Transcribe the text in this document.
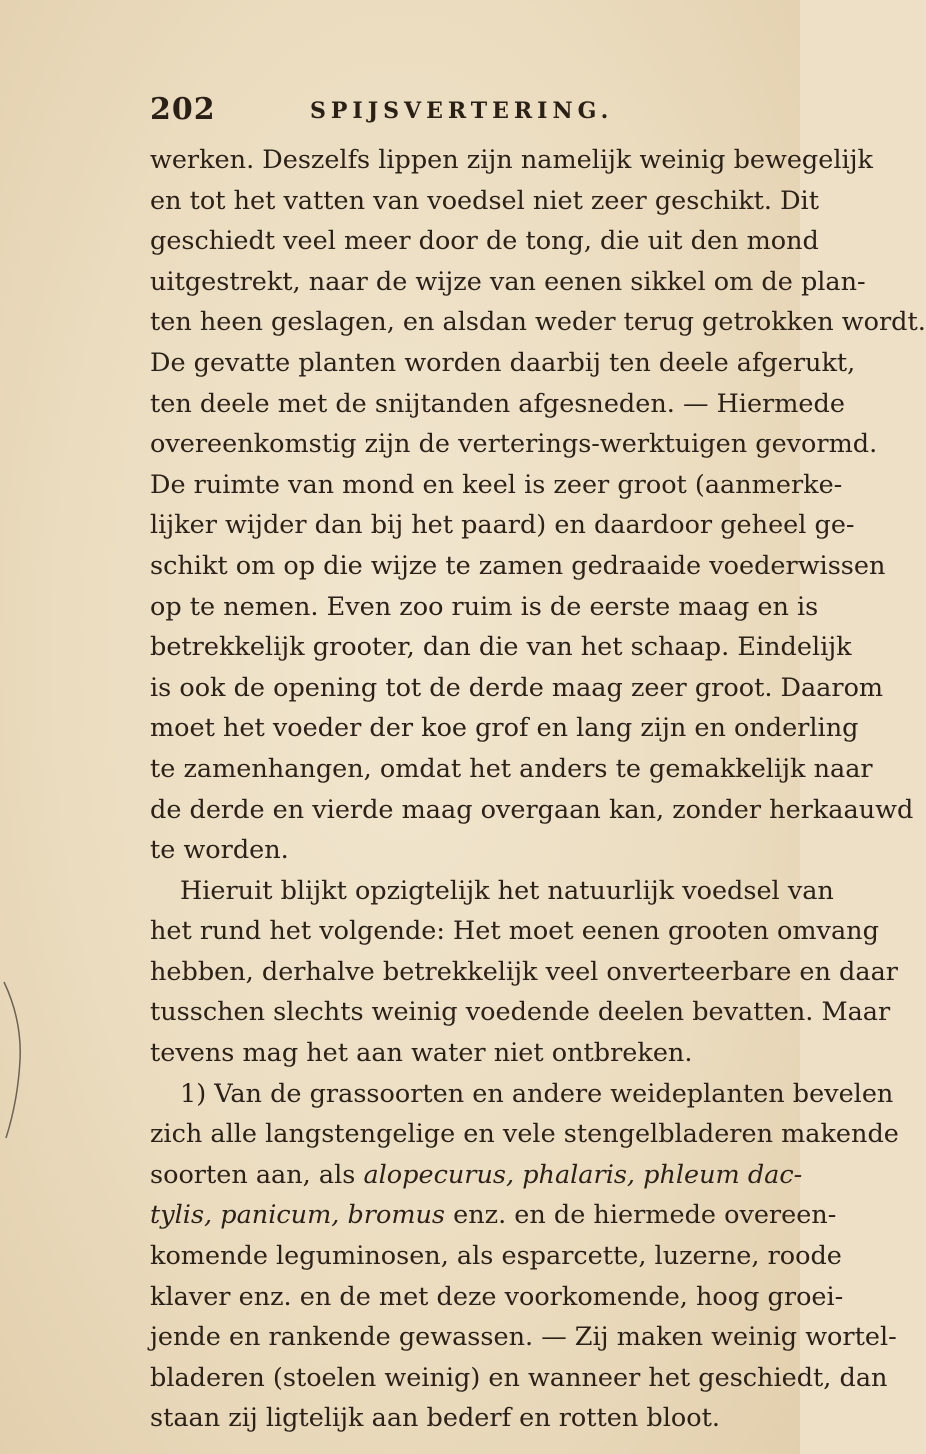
202	SPIJSVERTERING.
werken. Deszelfs lippen zijn namelijk weinig bewegelijk
en tot het vatten van voedsel niet zeer geschikt. Dit
geschiedt veel meer door de tong, die uit den mond
uitgestrekt, naar de wijze van eenen sikkel om de plan-
ten heen geslagen, en alsdan weder terug getrokken wordt.
De gevatte planten worden daarbij ten deele afgerukt,
ten deele met de snijtanden afgesneden. — Hiermede
overeenkomstig zijn de verterings-werktuigen gevormd.
De ruimte van mond en keel is zeer groot (aanmerke-
lijker wijder dan bij het paard) en daardoor geheel ge-
schikt om op die wijze te zamen gedraaide voederwissen
op te nemen. Even zoo ruim is de eerste maag en is
betrekkelijk grooter, dan die van het schaap. Eindelijk
is ook de opening tot de derde maag zeer groot. Daarom
moet het voeder der koe grof en lang zijn en onderling
te zamenhangen, omdat het anders te gemakkelijk naar
de derde en vierde maag overgaan kan, zonder herkaauwd
te worden.
Hieruit blijkt opzigtelijk het natuurlijk voedsel van
het rund het volgende: Het moet eenen grooten omvang
hebben, derhalve betrekkelijk veel onverteerbare en daar
tusschen slechts weinig voedende deelen bevatten. Maar
tevens mag het aan water niet ontbreken.
1) Van de grassoorten en andere weideplanten bevelen
zich alle langstengelige en vele stengelbladeren makende
soorten aan, als alopecurus, phalaris, phleum dac-
tylis, panicum, bromus enz. en de hiermede overeen-
komende leguminosen, als esparcette, luzerne, roode
klaver enz. en de met deze voorkomende, hoog groei-
jende en rankende gewassen. — Zij maken weinig wortel-
bladeren (stoelen weinig) en wanneer het geschiedt, dan
staan zij ligtelijk aan bederf en rotten bloot.
